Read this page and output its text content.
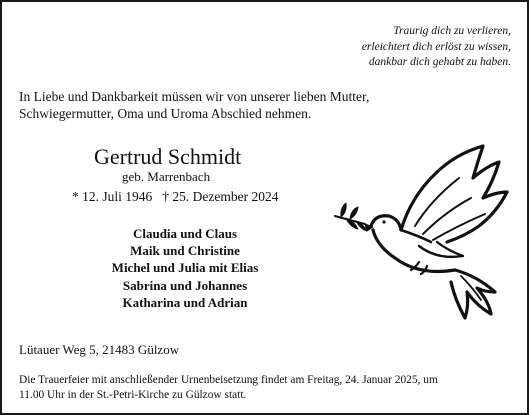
Traurig dich zu verlieren,
erleichtert dich erlöst zu wissen,
dankbar dich gehabt zu haben.
In Liebe und Dankbarkeit müssen wir von unserer lieben Mutter,
Schwiegermutter, Oma und Uroma Abschied nehmen.
Gertrud Schmidt
geb. Marrenbach
* 12. Juli 1946 † 25. Dezember 2024
Claudia und Claus
Maik und Christine
Michel und Julia mit Elias
Sabrina und Johannes
Katharina und Adrian
Lütauer Weg 5, 21483 Gülzow
Die Trauerfeier mit anschließender Urnenbeisetzung findet am Freitag, 24. Januar 2025, um
11.00 Uhr in der St.-Petri-Kirche zu Gülzow statt.
